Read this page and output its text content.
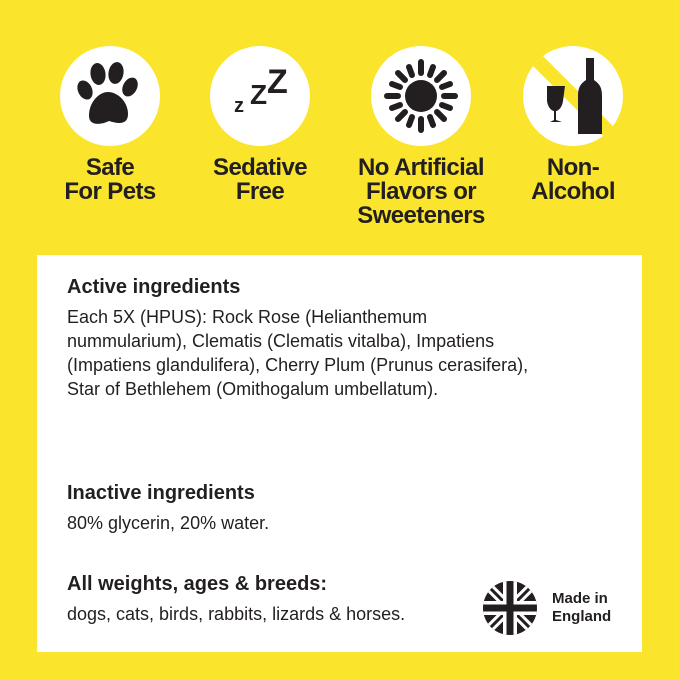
Safe
For Pets
z Z Z
Sedative
Free
No Artificial
Flavors or
Sweeteners
Non-
Alcohol
Active ingredients

Each 5X (HPUS): Rock Rose (Helianthemum nummularium), Clematis (Clematis vitalba), Impatiens (Impatiens glandulifera), Cherry Plum (Prunus cerasifera), Star of Bethlehem (Omithogalum umbellatum).

Inactive ingredients

80% glycerin, 20% water.

All weights, ages & breeds:

dogs, cats, birds, rabbits, lizards & horses.

Made in
England
